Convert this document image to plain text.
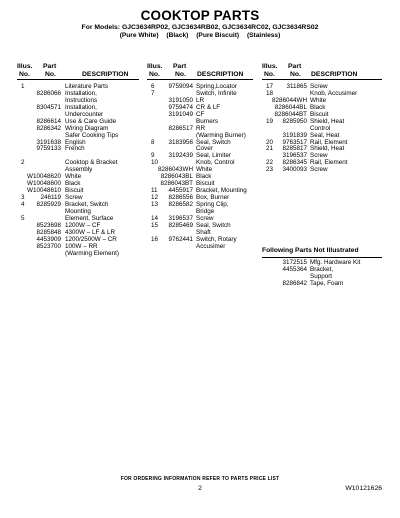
COOKTOP PARTS
For Models: GJC3634RP02, GJC3634RB02, GJC3634RC02, GJC3634RS02
(Pure White) (Black) (Pure Biscuit) (Stainless)
Illus.
No.
Part
No.	DESCRIPTION
Illus.
No.
Part
No. DESCRIPTION
Illus.
No.
Part
No. DESCRIPTION
1	Literature Parts
8286066 Installation,
Instructions
8304571 Installation,
Undercounter
8286614 Use & Care Guide
8286342 Wiring Diagram
Safer Cooking Tips
3191638 English
9759133 French
2	Cooktop & Bracket
Assembly
W10048620 White
W10048600 Black
W10048610 Biscuit
3	246119 Screw
4 8285929 Bracket, Switch
Mounting
5	Element, Surface
8523698 1200W – CF
8285848 4300W – LF & LR
4453909 1200/2500W – CR
8523700 100W – RR
(Warming Element)
6 9759094 Spring,Locator
7	Switch, Infinite
3191050 LR
9759474 CR & LF
3191049 CF
Burners
8286517 RR
(Warming Burner)
8 3183956 Seal, Switch
Cover
9 3192439 Seal, Limiter
10	Knob, Control
8286043WH White
8286043BL Black
8286043BT Biscuit
11 4455917 Bracket, Mounting
12 8286556 Box, Burner
13 8286582 Spring Clip,
Bridge
14 3196537 Screw
15 8285469 Seal, Switch
Shaft
16 9762441 Switch, Rotary
Accusimer
17 311865 Screw
18	Knob, Accusimer
8286044WH White
8286044BL Black
8286044BT Biscuit
19 8285950 Shield, Heat
Control
3191839 Seal, Heat
20 9763517 Rail, Element
21 8285817 Shield, Heat
3196537 Screw
22 8286345 Rail, Element
23 3400093 Screw
Following Parts Not Illustrated
3172515 Mfg. Hardware Kit
4455364 Bracket,
Support
8286842 Tape, Foam
FOR ORDERING INFORMATION REFER TO PARTS PRICE LIST
2	W10121626
